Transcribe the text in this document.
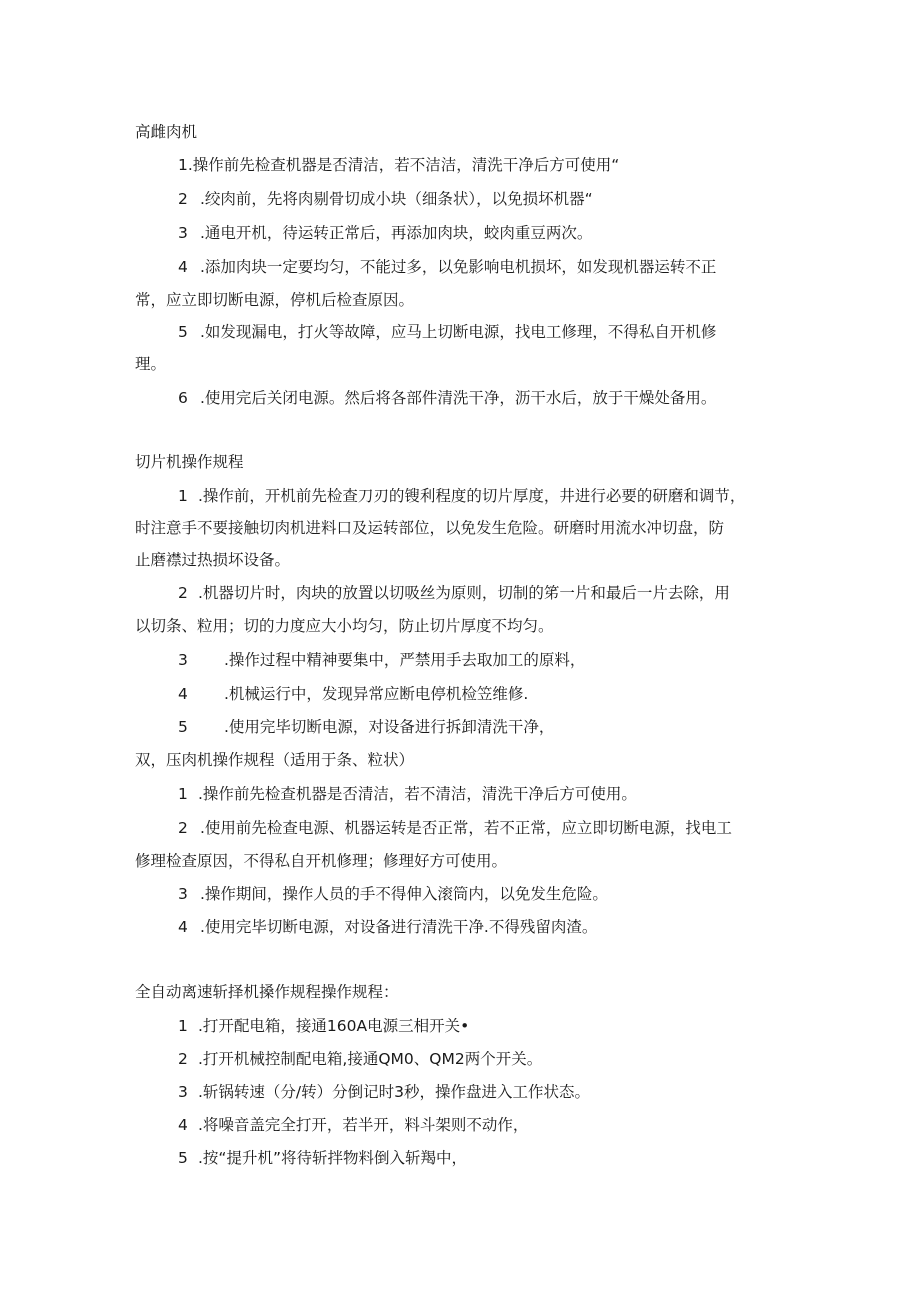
高雌肉机
1.操作前先检查机器是否清洁，若不洁洁，清洗干净后方可使用“
2 .绞肉前，先将肉剔骨切成小块（细条状），以免损坏机器“
3 .通电开机，待运转正常后，再添加肉块，蛟肉重豆两次。
4 .添加肉块一定要均匀，不能过多，以免影响电机损坏，如发现机器运转不正
常，应立即切断电源，停机后检查原因。
5 .如发现漏电，打火等故障，应马上切断电源，找电工修理，不得私自开机修
理。
6 .使用完后关闭电源。然后将各部件清洗干净，沥干水后，放于干燥处备用。
切片机操作规程
1 .操作前，开机前先检查刀刃的锼利程度的切片厚度，井进行必要的研磨和调节，
时注意手不要接触切肉机进料口及运转部位，以免发生危险。研磨时用流水冲切盘，防
止磨襟过热损坏设备。
2 .机器切片时，肉块的放置以切吸丝为原则，切制的笫一片和最后一片去除，用
以切条、粒用；切的力度应大小均匀，防止切片厚度不均匀。
3 .操作过程中精神要集中，严禁用手去取加工的原料，
4 .机械运行中，发现异常应断电停机检笠维修.
5 .使用完毕切断电源，对设备进行拆卸清洗干净，
双，压肉机操作规程（适用于条、粒状）
1 .操作前先检查机器是否清洁，若不清洁，清洗干净后方可使用。
2 .使用前先检查电源、机器运转是否正常，若不正常，应立即切断电源，找电工
修理检查原因，不得私自开机修理；修理好方可使用。
3 .操作期间，操作人员的手不得伸入滚筒内，以免发生危险。
4 .使用完毕切断电源，对设备进行清洗干净.不得残留肉渣。
全自动离速斩择机搡作规程操作规程：
1 .打开配电箱，接通160A电源三相开关•
2 .打开机械控制配电箱,接通QM0、QM2两个开关。
3 .斩锅转速（分/转）分倒记时3秒，操作盘进入工作状态。
4 .将噪音盖完全打开，若半开，料斗架则不动作，
5 .按“提升机”将待斩拌物料倒入斩羯中，
